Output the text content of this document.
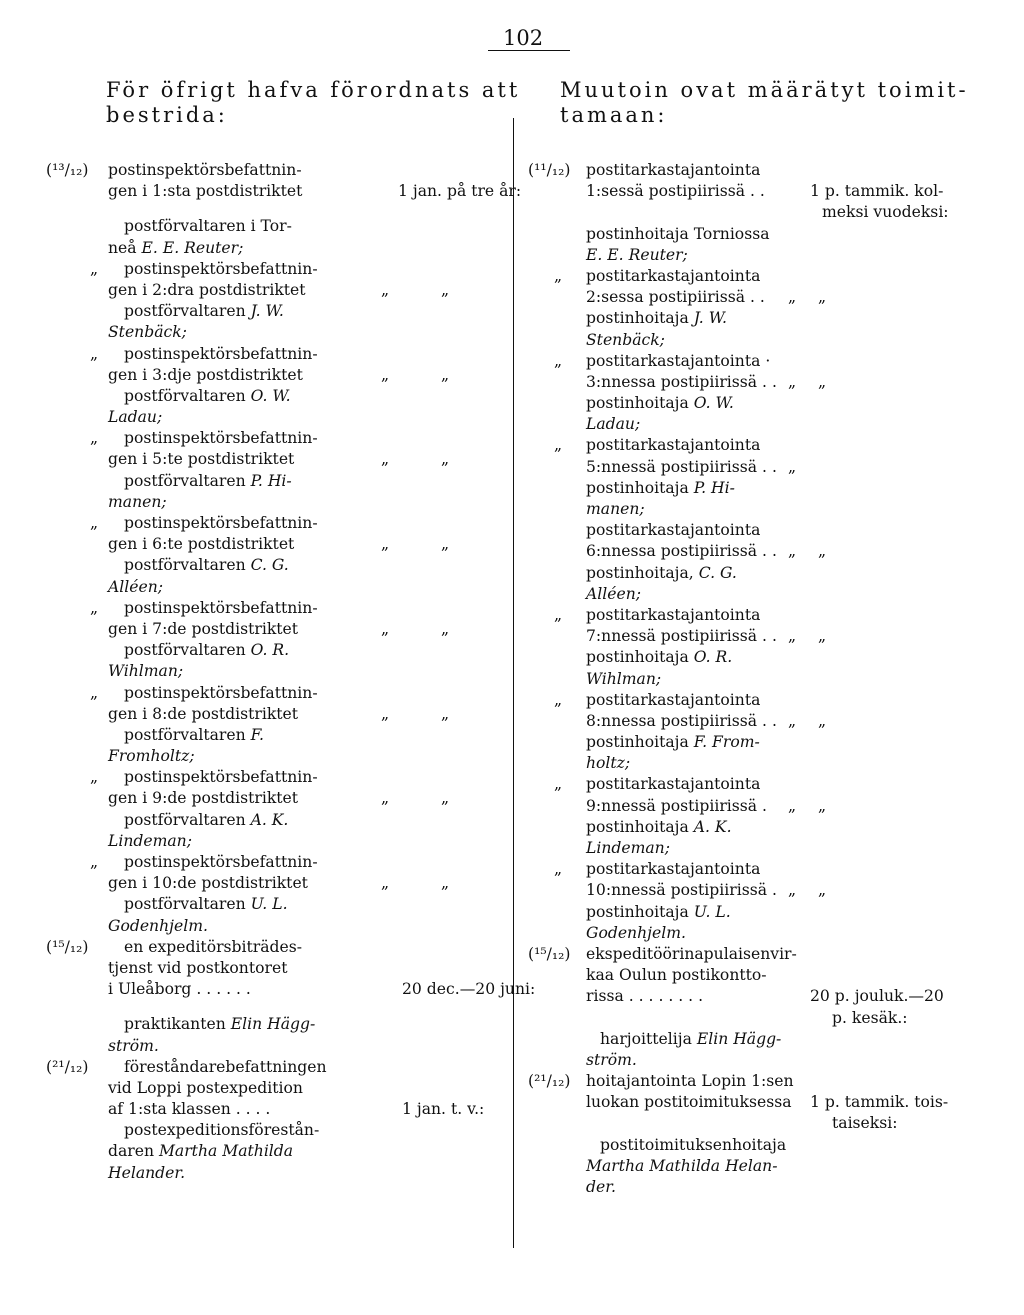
102
För öfrigt hafva förordnats att
bestrida:
Muutoin ovat määrätyt toimit-
tamaan:
(¹³/₁₂) postinspektörsbefattnin-
gen i 1:sta postdistriktet	1 jan. på tre år:
postförvaltaren i Tor-
neå E. E. Reuter;
„ postinspektörsbefattnin-
gen i 2:dra postdistriktet	„	„
postförvaltaren J. W.
Stenbäck;
„ postinspektörsbefattnin-
gen i 3:dje postdistriktet	„	„
postförvaltaren O. W.
Ladau;
„ postinspektörsbefattnin-
gen i 5:te postdistriktet	„	„
postförvaltaren P. Hi-
manen;
„ postinspektörsbefattnin-
gen i 6:te postdistriktet	„	„
postförvaltaren C. G.
Alléen;
„ postinspektörsbefattnin-
gen i 7:de postdistriktet	„	„
postförvaltaren O. R.
Wihlman;
„ postinspektörsbefattnin-
gen i 8:de postdistriktet	„	„
postförvaltaren F.
Fromholtz;
„ postinspektörsbefattnin-
gen i 9:de postdistriktet	„	„
postförvaltaren A. K.
Lindeman;
„ postinspektörsbefattnin-
gen i 10:de postdistriktet	„	„
postförvaltaren U. L.
Godenhjelm.
(¹⁵/₁₂) en expeditörsbiträdes-
tjenst vid postkontoret
i Uleåborg . . . . . .	20 dec.—20 juni:
praktikanten Elin Hägg-
ström.
(²¹/₁₂) föreståndarebefattningen
vid Loppi postexpedition
af 1:sta klassen . . . .	1 jan. t. v.:
postexpeditionsförestån-
daren Martha Mathilda
Helander.
(¹¹/₁₂) postitarkastajantointa
1:sessä postipiirissä . .	1 p. tammik. kol-
meksi vuodeksi:
postinhoitaja Torniossa
E. E. Reuter;
„ postitarkastajantointa
2:sessa postipiirissä . . „ „
postinhoitaja J. W.
Stenbäck;
„ postitarkastajantointa ·
3:nnessa postipiirissä . . „ „
postinhoitaja O. W.
Ladau;
„ postitarkastajantointa
5:nnessä postipiirissä . . „
postinhoitaja P. Hi-
manen;
postitarkastajantointa
6:nnessa postipiirissä . . „ „
postinhoitaja, C. G.
Alléen;
„ postitarkastajantointa
7:nnessä postipiirissä . . „ „
postinhoitaja O. R.
Wihlman;
„ postitarkastajantointa
8:nnessa postipiirissä . . „ „
postinhoitaja F. From-
holtz;
„ postitarkastajantointa
9:nnessä postipiirissä . „ „
postinhoitaja A. K.
Lindeman;
„ postitarkastajantointa
10:nnessä postipiirissä . „ „
postinhoitaja U. L.
Godenhjelm.
(¹⁵/₁₂) ekspeditöörinapulaisenvir-
kaa Oulun postikontto-
rissa . . . . . . . .	20 p. jouluk.—20
p. kesäk.:
harjoittelija Elin Hägg-
ström.
(²¹/₁₂) hoitajantointa Lopin 1:sen
luokan postitoimituksessa 1 p. tammik. tois-
taiseksi:
postitoimituksenhoitaja
Martha Mathilda Helan-
der.
